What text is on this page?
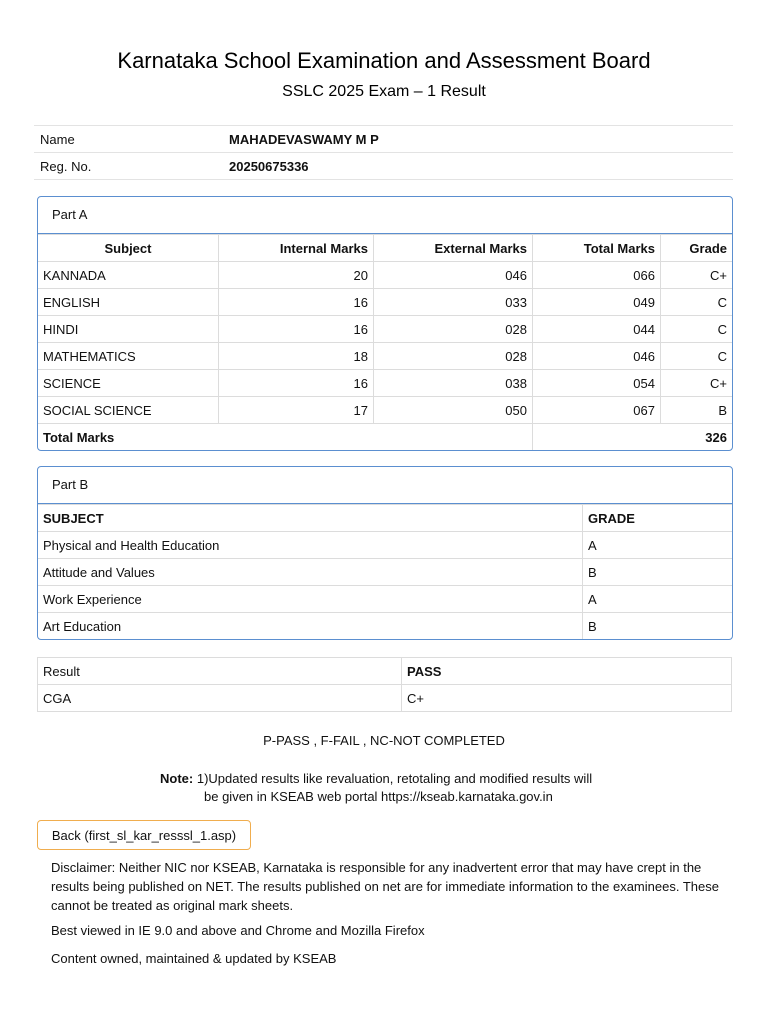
Karnataka School Examination and Assessment Board
SSLC 2025 Exam – 1 Result
Name	MAHADEVASWAMY M P
Reg. No.	20250675336
Part A
Subject	Internal Marks	External Marks	Total Marks	Grade
KANNADA	20	046	066	C+
ENGLISH	16	033	049	C
HINDI	16	028	044	C
MATHEMATICS	18	028	046	C
SCIENCE	16	038	054	C+
SOCIAL SCIENCE	17	050	067	B
Total Marks			326	
Part B
SUBJECT	GRADE
Physical and Health Education	A
Attitude and Values	B
Work Experience	A
Art Education	B
Result	PASS
CGA	C+
P-PASS , F-FAIL , NC-NOT COMPLETED
Note: 1)Updated results like revaluation, retotaling and modified results will
be given in KSEAB web portal https://kseab.karnataka.gov.in
Back (first_sl_kar_resssl_1.asp)
Disclaimer: Neither NIC nor KSEAB, Karnataka is responsible for any inadvertent error that may have crept in the results being published on NET. The results published on net are for immediate information to the examinees. These cannot be treated as original mark sheets.
Best viewed in IE 9.0 and above and Chrome and Mozilla Firefox
Content owned, maintained & updated by KSEAB
